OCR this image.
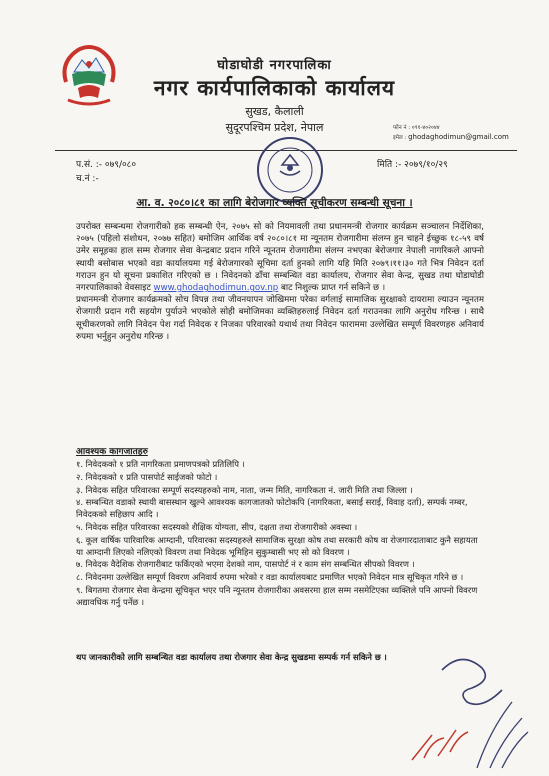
घोडाघोडी नगरपालिका
नगर कार्यपालिकाको कार्यालय
सुखड, कैलाली
सुदूरपश्चिम प्रदेश, नेपाल	फोन नं : ०९१-४०२०४४
इमेल : ghodaghodimun@gmail.com
प.सं. :- ०७९/०८०
च.नं :-
मिति :- २०७९/१०/२९
आ. व. २०८०।८१ का लागि बेरोजगार व्यक्ति सूचीकरण सम्बन्धी सूचना ।

उपरोक्त सम्बन्धमा रोजगारीको हक सम्बन्धी ऐन, २०७५ सो को नियमावली तथा प्रधानमन्त्री रोजगार कार्यक्रम सञ्चालन निर्देशिका, २०७५ (पहिलो संशोधन, २०७७ सहित) बमोजिम आर्थिक वर्ष २०८०।८१ मा न्यूनतम रोजगारीमा संलग्न हुन चाहने ईच्छुक १८-५९ वर्ष उमेर समूहका हाल सम्म रोजगार सेवा केन्द्रबाट प्रदान गरिने न्यूनतम रोजगारीमा संलग्न नभएका बेरोजगार नेपाली नागरिकले आफ्नो स्थायी बसोबास भएको वडा कार्यालयमा गई बेरोजगारको सूचिमा दर्ता हुनको लागि यहि मिति २०७९।११।३० गते भित्र निवेदन दर्ता गराउन हुन यो सूचना प्रकाशित गरिएको छ । निवेदनको ढाँचा सम्बन्धित वडा कार्यालय, रोजगार सेवा केन्द्र, सुखड तथा घोडाघोडी नगरपालिकाको वेवसाइट www.ghodaghodimun.gov.np बाट निशुल्क प्राप्त गर्न सकिने छ ।

प्रधानमन्त्री रोजगार कार्यक्रमको सोच विपन्न तथा जीवनयापन जोखिममा परेका वर्गलाई सामाजिक सुरक्षाको दायरामा ल्याउन न्यूनतम रोजगारी प्रदान गरी सहयोग पुर्याउने भएकोले सोही बमोजिमका व्यक्तिहरुलाई निवेदन दर्ता गराउनका लागि अनुरोध गरिन्छ । साथै सूचीकरणको लागि निवेदन पेश गर्दा निवेदक र निजका परिवारको यथार्थ तथा निवेदन फाराममा उल्लेखित सम्पूर्ण विवरणहरु अनिवार्य रुपमा भर्नुहुन अनुरोध गरिन्छ ।

आवश्यक कागजातहरु
१. निवेदकको १ प्रति नागरिकता प्रमाणपत्रको प्रतिलिपि ।
२. निवेदकको १ प्रति पासपोर्ट साईजको फोटो ।
३. निवेदक सहित परिवारका सम्पूर्ण सदस्यहरुको नाम, नाता, जन्म मिति, नागरिकता नं. जारी मिति तथा जिल्ला ।
४. सम्बन्धित वडाको स्थायी बासस्थान खुल्ने आवश्यक कागजातको फोटोकपि (नागरिकता, बसाई सराई, विवाह दर्ता), सम्पर्क नम्बर, निवेदकको सहिछाप आदि ।
५. निवेदक सहित परिवारका सदस्यको शैक्षिक योग्यता, सीप, दक्षता तथा रोजगारीको अवस्था ।
६. कूल वार्षिक पारिवारिक आम्दानी, परिवारका सदस्यहरुले सामाजिक सुरक्षा कोष तथा सरकारी कोष वा रोजगारदाताबाट कुनै सहायता या आम्दानी लिएको नलिएको विवरण तथा निवेदक भूमिहिन सुकुम्बासी भए सो को विवरण ।
७. निवेदक वैदेशिक रोजगारीबाट फर्किएको भएमा देशको नाम, पासपोर्ट नं र काम संग सम्बन्धित सीपको विवरण ।
८. निवेदनमा उल्लेखित सम्पूर्ण विवरण अनिवार्य रुपमा भरेको र वडा कार्यालयबाट प्रमाणित भएको निवेदन मात्र सूचिकृत गरिने छ ।
९. बिगतमा रोजगार सेवा केन्द्रमा सूचिकृत भएर पनि न्यूनतम रोजगारीका अवसरमा हाल सम्म नसमेटिएका व्यक्तिले पनि आफ्नो विवरण अद्यावधिक गर्नु पर्नेछ ।
थप जानकारीको लागि सम्बन्धित वडा कार्यालय तथा रोजगार सेवा केन्द्र सुखडमा सम्पर्क गर्न सकिने छ ।
